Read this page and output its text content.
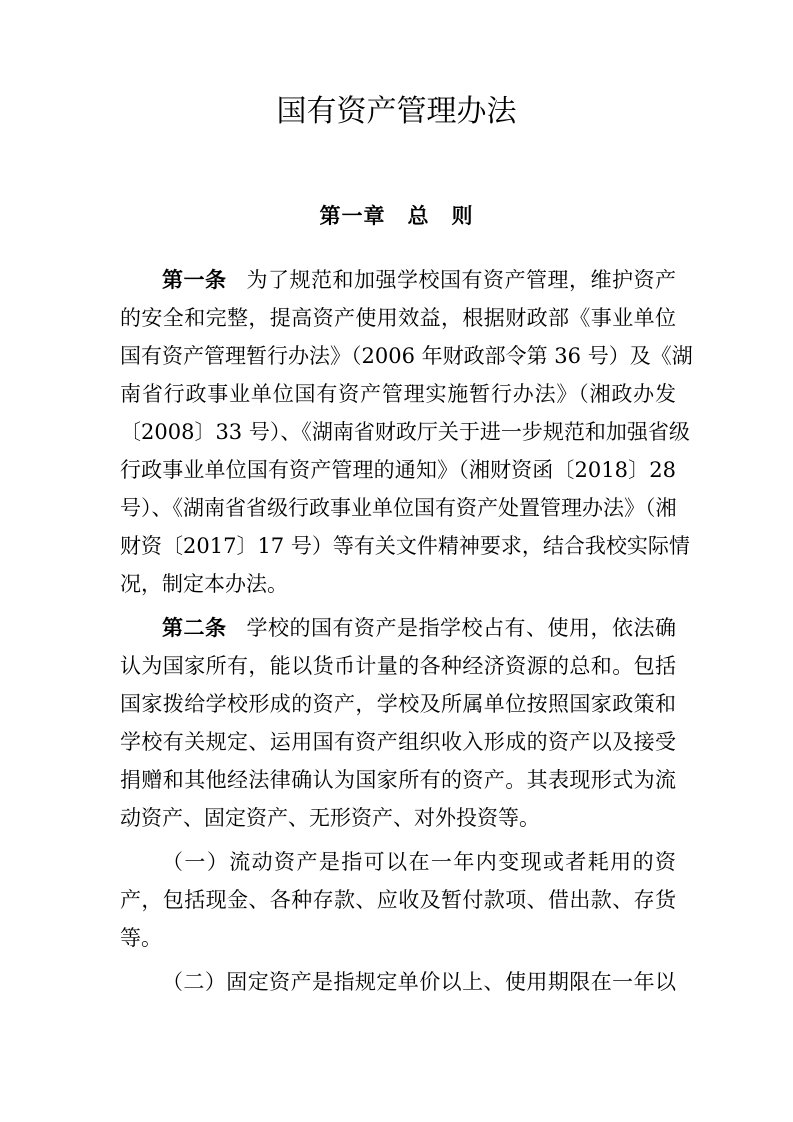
国有资产管理办法
第一章　总　则
第一条 为了规范和加强学校国有资产管理，维护资产
的安全和完整，提高资产使用效益，根据财政部《事业单位
国有资产管理暂行办法》（2006 年财政部令第 36 号）及《湖
南省行政事业单位国有资产管理实施暂行办法》（湘政办发
〔2008〕33 号）、《湖南省财政厅关于进一步规范和加强省级
行政事业单位国有资产管理的通知》（湘财资函〔2018〕28
号）、《湖南省省级行政事业单位国有资产处置管理办法》（湘
财资〔2017〕17 号）等有关文件精神要求，结合我校实际情
况，制定本办法。
第二条 学校的国有资产是指学校占有、使用，依法确
认为国家所有，能以货币计量的各种经济资源的总和。包括
国家拨给学校形成的资产，学校及所属单位按照国家政策和
学校有关规定、运用国有资产组织收入形成的资产以及接受
捐赠和其他经法律确认为国家所有的资产。其表现形式为流
动资产、固定资产、无形资产、对外投资等。
（一）流动资产是指可以在一年内变现或者耗用的资
产，包括现金、各种存款、应收及暂付款项、借出款、存货
等。
（二）固定资产是指规定单价以上、使用期限在一年以
